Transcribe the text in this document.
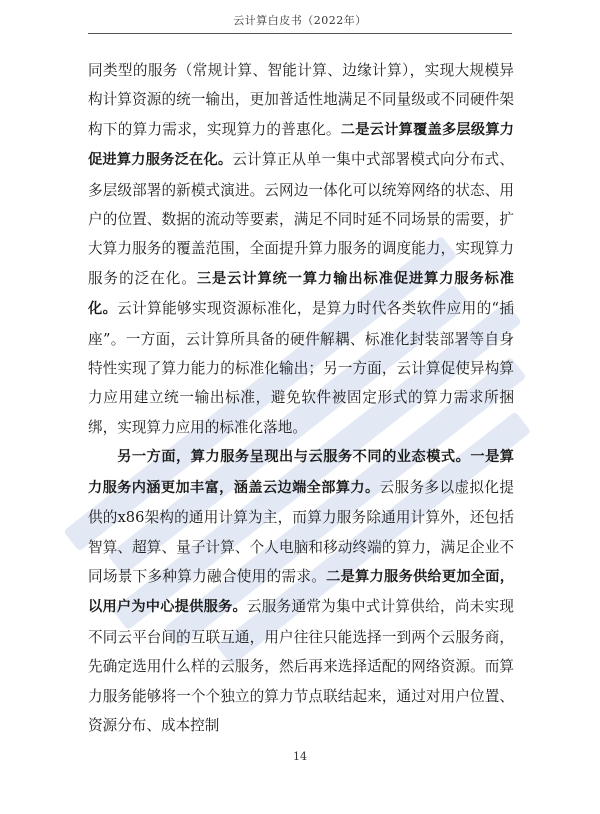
云计算白皮书（2022年）

同类型的服务（常规计算、智能计算、边缘计算），实现大规模异构计算资源的统一输出，更加普适性地满足不同量级或不同硬件架构下的算力需求，实现算力的普惠化。二是云计算覆盖多层级算力促进算力服务泛在化。云计算正从单一集中式部署模式向分布式、多层级部署的新模式演进。云网边一体化可以统筹网络的状态、用户的位置、数据的流动等要素，满足不同时延不同场景的需要，扩大算力服务的覆盖范围，全面提升算力服务的调度能力，实现算力服务的泛在化。三是云计算统一算力输出标准促进算力服务标准化。云计算能够实现资源标准化，是算力时代各类软件应用的“插座”。一方面，云计算所具备的硬件解耦、标准化封装部署等自身特性实现了算力能力的标准化输出；另一方面，云计算促使异构算力应用建立统一输出标准，避免软件被固定形式的算力需求所捆绑，实现算力应用的标准化落地。

另一方面，算力服务呈现出与云服务不同的业态模式。一是算力服务内涵更加丰富，涵盖云边端全部算力。云服务多以虚拟化提供的x86架构的通用计算为主，而算力服务除通用计算外，还包括智算、超算、量子计算、个人电脑和移动终端的算力，满足企业不同场景下多种算力融合使用的需求。二是算力服务供给更加全面，以用户为中心提供服务。云服务通常为集中式计算供给，尚未实现不同云平台间的互联互通，用户往往只能选择一到两个云服务商，先确定选用什么样的云服务，然后再来选择适配的网络资源。而算力服务能够将一个个独立的算力节点联结起来，通过对用户位置、资源分布、成本控制

14
